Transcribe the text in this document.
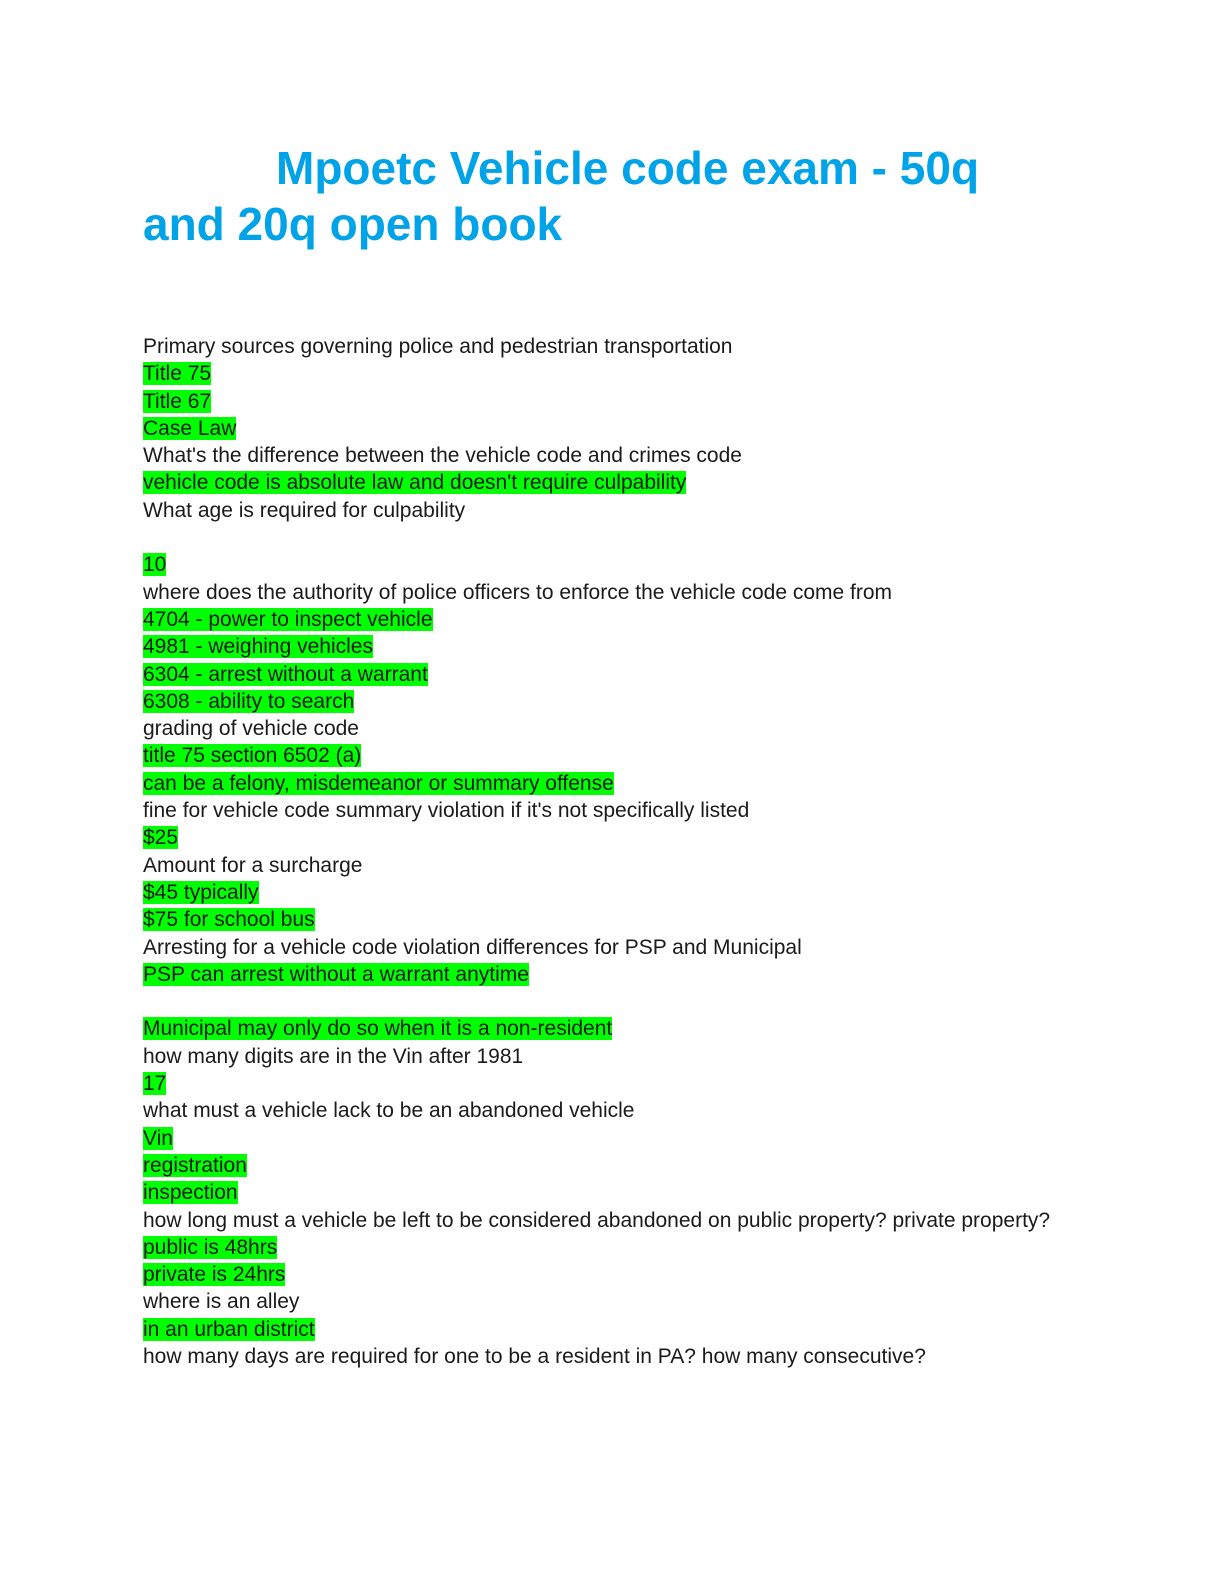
Mpoetc Vehicle code exam - 50q and 20q open book
Primary sources governing police and pedestrian transportation
Title 75
Title 67
Case Law
What's the difference between the vehicle code and crimes code
vehicle code is absolute law and doesn't require culpability
What age is required for culpability
10
where does the authority of police officers to enforce the vehicle code come from
4704 - power to inspect vehicle
4981 - weighing vehicles
6304 - arrest without a warrant
6308 - ability to search
grading of vehicle code
title 75 section 6502 (a)
can be a felony, misdemeanor or summary offense
fine for vehicle code summary violation if it's not specifically listed
$25
Amount for a surcharge
$45 typically
$75 for school bus
Arresting for a vehicle code violation differences for PSP and Municipal
PSP can arrest without a warrant anytime
Municipal may only do so when it is a non-resident
how many digits are in the Vin after 1981
17
what must a vehicle lack to be an abandoned vehicle
Vin
registration
inspection
how long must a vehicle be left to be considered abandoned on public property? private property?
public is 48hrs
private is 24hrs
where is an alley
in an urban district
how many days are required for one to be a resident in PA? how many consecutive?
